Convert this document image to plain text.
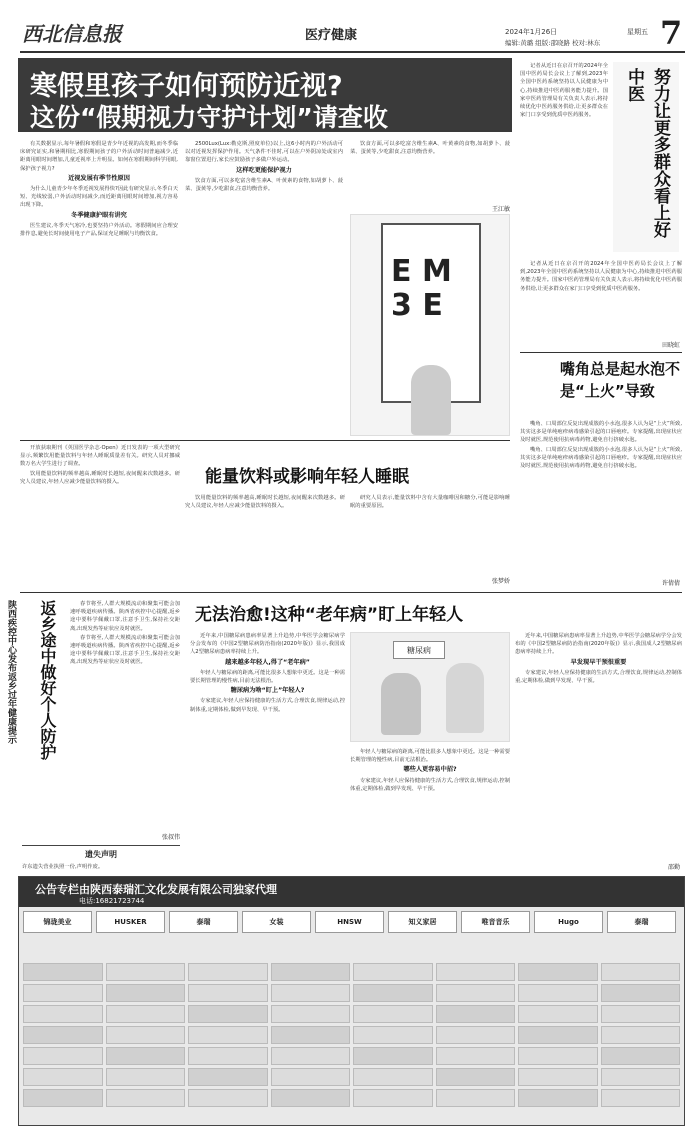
西北信息报	医疗健康	2024年1月26日	星期五
编辑:黄璐 组版:邵晓路 校对:林东	7
寒假里孩子如何预防近视?
这份“假期视力守护计划”请查收

有关数据显示,每年暑假和寒假是青少年近视的高发期,而冬季临床研究证实,和暑期相比,寒假期间孩子的户外活动时间普遍减少,近距离用眼时间增加,儿童近视率上升明显。如何在寒假期间科学用眼,保护孩子视力?

近视发展有季节性原因

为什么儿童青少年冬季近视发展得快?因此有研究显示,冬季白天短、光线较弱,户外活动时间减少,而近距离用眼时间增加,视力容易出现下降。

冬季健康护眼有讲究

医生建议,冬季天气寒冷,也要坚持户外活动。寒假期间应合理安排作息,避免长时间使用电子产品,保证充足睡眠与均衡饮食。

2500Lux(Lux:勒克斯,照度单位)以上,这6小时内的户外活动可以对近视发挥保护作用。天气条件不佳时,可以在户外阴凉处或室内靠窗位置进行,家长应鼓励孩子多做户外运动。

这样吃更能保护视力

饮食方面,可以多吃富含维生素A、叶黄素的食物,如胡萝卜、菠菜、蛋黄等,少吃甜食,注意均衡营养。

饮食方面,可以多吃富含维生素A、叶黄素的食物,如胡萝卜、菠菜、蛋黄等,少吃甜食,注意均衡营养。

王江敏
E M 3 E
努力让更多群众看上好中医

记者从近日在京召开的2024年全国中医药局长会议上了解到,2023年全国中医药系统坚持以人民健康为中心,持续推进中医药服务能力提升。国家中医药管理局有关负责人表示,将持续优化中医药服务供给,让更多群众在家门口享受到优质中医药服务。

记者从近日在京召开的2024年全国中医药局长会议上了解到,2023年全国中医药系统坚持以人民健康为中心,持续推进中医药服务能力提升。国家中医药管理局有关负责人表示,将持续优化中医药服务供给,让更多群众在家门口享受到优质中医药服务。

田晓虹
嘴角总是起水泡不是“上火”导致

嘴角、口周部位反复出现成簇的小水泡,很多人认为是“上火”所致,其实这多是单纯疱疹病毒感染引起的口唇疱疹。专家提醒,出现症状应及时就医,规范使用抗病毒药物,避免自行挤破水泡。

嘴角、口周部位反复出现成簇的小水泡,很多人认为是“上火”所致,其实这多是单纯疱疹病毒感染引起的口唇疱疹。专家提醒,出现症状应及时就医,规范使用抗病毒药物,避免自行挤破水泡。

许倩倩

开放获取期刊《英国医学杂志·Open》近日发表的一项大型研究显示,频繁饮用能量饮料与年轻人睡眠质量差有关。研究人员对挪威数万名大学生进行了调查。

饮用能量饮料的频率越高,睡眠时长越短,夜间醒来次数越多。研究人员建议,年轻人应减少能量饮料的摄入。	能量饮料或影响年轻人睡眠

饮用能量饮料的频率越高,睡眠时长越短,夜间醒来次数越多。研究人员建议,年轻人应减少能量饮料的摄入。

研究人员表示,能量饮料中含有大量咖啡因和糖分,可能是影响睡眠的重要原因。

张梦娇
返乡途中做好个人防护
陕西疾控中心发布返乡过年健康提示	春节将至,人群大规模流动和聚集可能会加速呼吸道疾病传播。陕西省疾控中心提醒,返乡途中要科学佩戴口罩,注意手卫生,保持社交距离,出现发热等症状应及时就医。

春节将至,人群大规模流动和聚集可能会加速呼吸道疾病传播。陕西省疾控中心提醒,返乡途中要科学佩戴口罩,注意手卫生,保持社交距离,出现发热等症状应及时就医。

张叔伟
遗失声明
许东遗失营业执照一份,声明作废。
无法治愈!这种“老年病”盯上年轻人
糖尿病

近年来,中国糖尿病患病率显著上升趋势,中华医学会糖尿病学分会发布的《中国2型糖尿病防治指南(2020年版)》显示,我国成人2型糖尿病患病率持续上升。

越来越多年轻人,得了“老年病”

年轻人与糖尿病的距离,可能比很多人想象中更近。这是一种需要长期管理的慢性病,目前无法根治。

糖尿病为啥“盯上”年轻人?

专家建议,年轻人应保持健康的生活方式,合理饮食,规律运动,控制体重,定期体检,做到早发现、早干预。

年轻人与糖尿病的距离,可能比很多人想象中更近。这是一种需要长期管理的慢性病,目前无法根治。

哪些人更容易中招?

专家建议,年轻人应保持健康的生活方式,合理饮食,规律运动,控制体重,定期体检,做到早发现、早干预。

近年来,中国糖尿病患病率显著上升趋势,中华医学会糖尿病学分会发布的《中国2型糖尿病防治指南(2020年版)》显示,我国成人2型糖尿病患病率持续上升。

早发现早干预很重要

专家建议,年轻人应保持健康的生活方式,合理饮食,规律运动,控制体重,定期体检,做到早发现、早干预。

邵勤
公告专栏由陕西泰瑞汇文化发展有限公司独家代理
电话:16821723744
锦珑美业	HUSKER	泰瑞	女装	HNSW	知义家居	唯音音乐	Hugo	泰瑞
